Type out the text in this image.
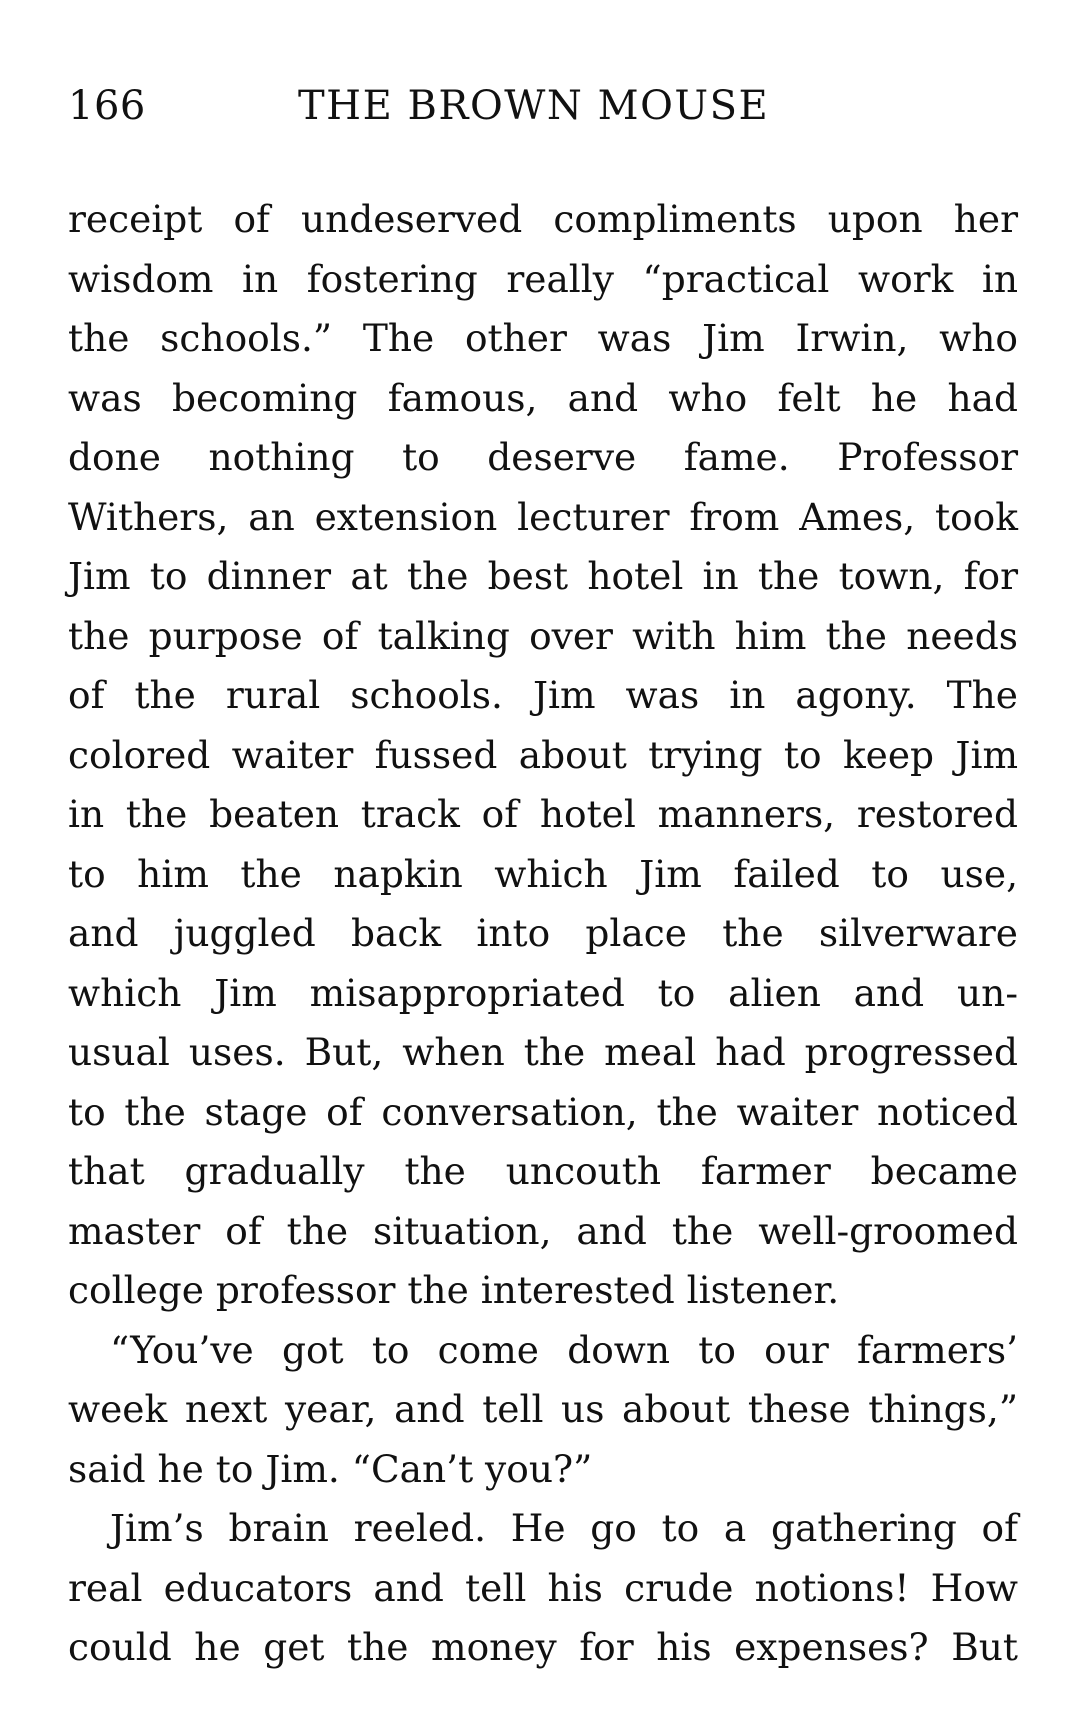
166	THE BROWN MOUSE
receipt of undeserved compliments upon her
wisdom in fostering really “practical work in
the schools.” The other was Jim Irwin, who
was becoming famous, and who felt he had
done nothing to deserve fame. Professor
Withers, an extension lecturer from Ames, took
Jim to dinner at the best hotel in the town, for
the purpose of talking over with him the needs
of the rural schools. Jim was in agony. The
colored waiter fussed about trying to keep Jim
in the beaten track of hotel manners, restored
to him the napkin which Jim failed to use,
and juggled back into place the silverware
which Jim misappropriated to alien and un-
usual uses. But, when the meal had progressed
to the stage of conversation, the waiter noticed
that gradually the uncouth farmer became
master of the situation, and the well-groomed
college professor the interested listener.
“You’ve got to come down to our farmers’
week next year, and tell us about these things,”
said he to Jim. “Can’t you?”
Jim’s brain reeled. He go to a gathering of
real educators and tell his crude notions! How
could he get the money for his expenses? But
